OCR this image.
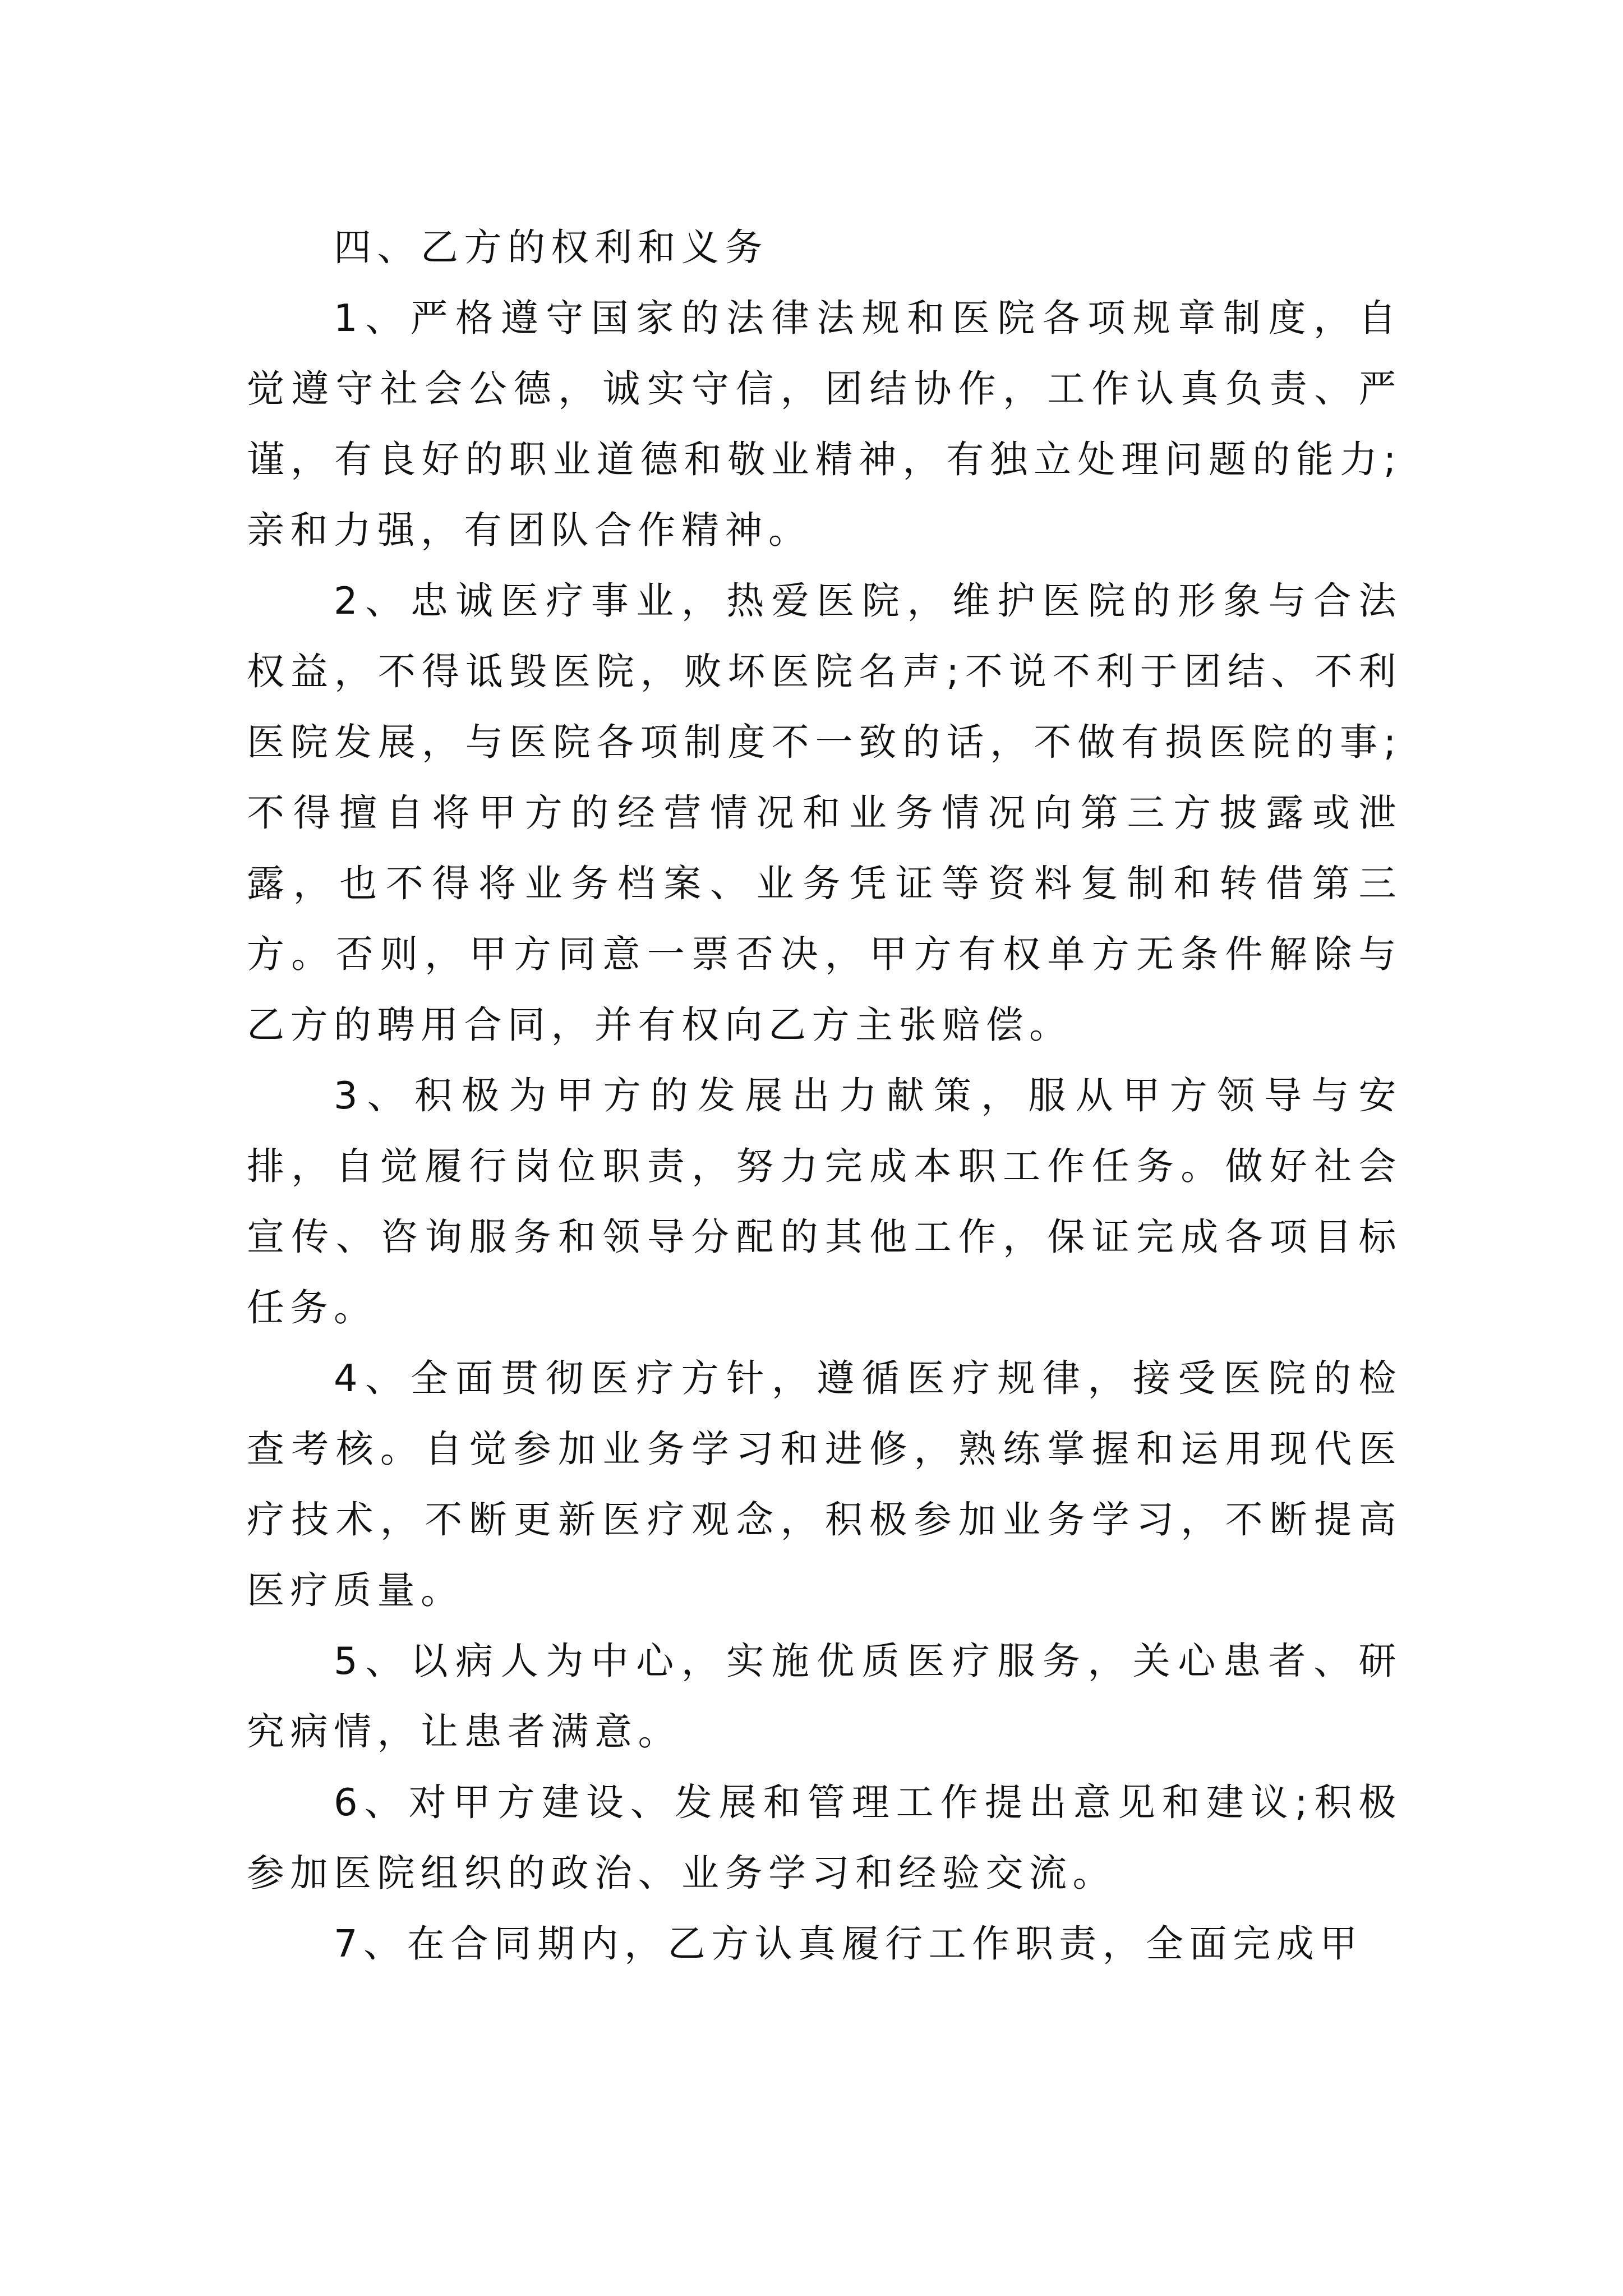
四、乙方的权利和义务

1、严格遵守国家的法律法规和医院各项规章制度，自觉遵守社会公德，诚实守信，团结协作，工作认真负责、严谨，有良好的职业道德和敬业精神，有独立处理问题的能力;亲和力强，有团队合作精神。

2、忠诚医疗事业，热爱医院，维护医院的形象与合法权益，不得诋毁医院，败坏医院名声;不说不利于团结、不利医院发展，与医院各项制度不一致的话，不做有损医院的事;不得擅自将甲方的经营情况和业务情况向第三方披露或泄露，也不得将业务档案、业务凭证等资料复制和转借第三方。否则，甲方同意一票否决，甲方有权单方无条件解除与乙方的聘用合同，并有权向乙方主张赔偿。

3、积极为甲方的发展出力献策，服从甲方领导与安排，自觉履行岗位职责，努力完成本职工作任务。做好社会宣传、咨询服务和领导分配的其他工作，保证完成各项目标任务。

4、全面贯彻医疗方针，遵循医疗规律，接受医院的检查考核。自觉参加业务学习和进修，熟练掌握和运用现代医疗技术，不断更新医疗观念，积极参加业务学习，不断提高医疗质量。

5、以病人为中心，实施优质医疗服务，关心患者、研究病情，让患者满意。

6、对甲方建设、发展和管理工作提出意见和建议;积极参加医院组织的政治、业务学习和经验交流。

7、在合同期内，乙方认真履行工作职责，全面完成甲
